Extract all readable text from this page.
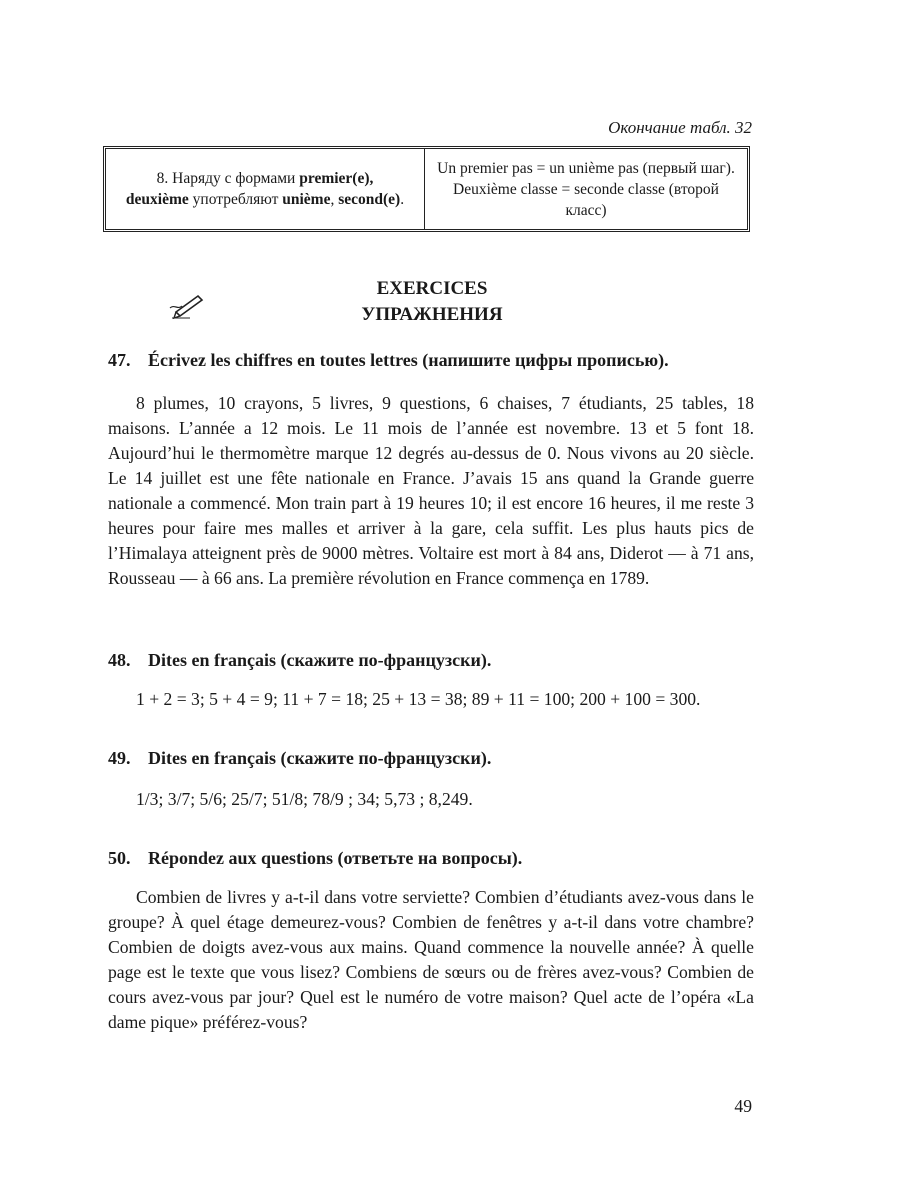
Окончание табл. 32
8. Наряду с формами premier(e),
deuxième употребляют unième, second(e).
Un premier pas = un unième pas (первый шаг). Deuxième classe = seconde classe (второй класс)
EXERCICES
УПРАЖНЕНИЯ
47. Écrivez les chiffres en toutes lettres (напишите цифры прописью).

8 plumes, 10 crayons, 5 livres, 9 questions, 6 chaises, 7 étudiants, 25 tables, 18 maisons. L’année a 12 mois. Le 11 mois de l’année est novembre. 13 et 5 font 18. Aujourd’hui le thermomètre marque 12 degrés au-dessus de 0. Nous vivons au 20 siècle. Le 14 juillet est une fête nationale en France. J’avais 15 ans quand la Grande guerre nationale a commencé. Mon train part à 19 heures 10; il est encore 16 heures, il me reste 3 heures pour faire mes malles et arriver à la gare, cela suffit. Les plus hauts pics de l’Himalaya atteignent près de 9000 mètres. Voltaire est mort à 84 ans, Diderot — à 71 ans, Rousseau — à 66 ans. La première révolution en France commença en 1789.

48. Dites en français (скажите по-французски).
1 + 2 = 3; 5 + 4 = 9; 11 + 7 = 18; 25 + 13 = 38; 89 + 11 = 100; 200 + 100 = 300.
49. Dites en français (скажите по-французски).
1/3; 3/7; 5/6; 25/7; 51/8; 78/9 ; 34; 5,73 ; 8,249.
50. Répondez aux questions (ответьте на вопросы).

Combien de livres y a-t-il dans votre serviette? Combien d’étudiants avez-vous dans le groupe? À quel étage demeurez-vous? Combien de fenêtres y a-t-il dans votre chambre? Combien de doigts avez-vous aux mains. Quand commence la nouvelle année? À quelle page est le texte que vous lisez? Combiens de sœurs ou de frères avez-vous? Combien de cours avez-vous par jour? Quel est le numéro de votre maison? Quel acte de l’opéra «La dame pique» préférez-vous?

49
